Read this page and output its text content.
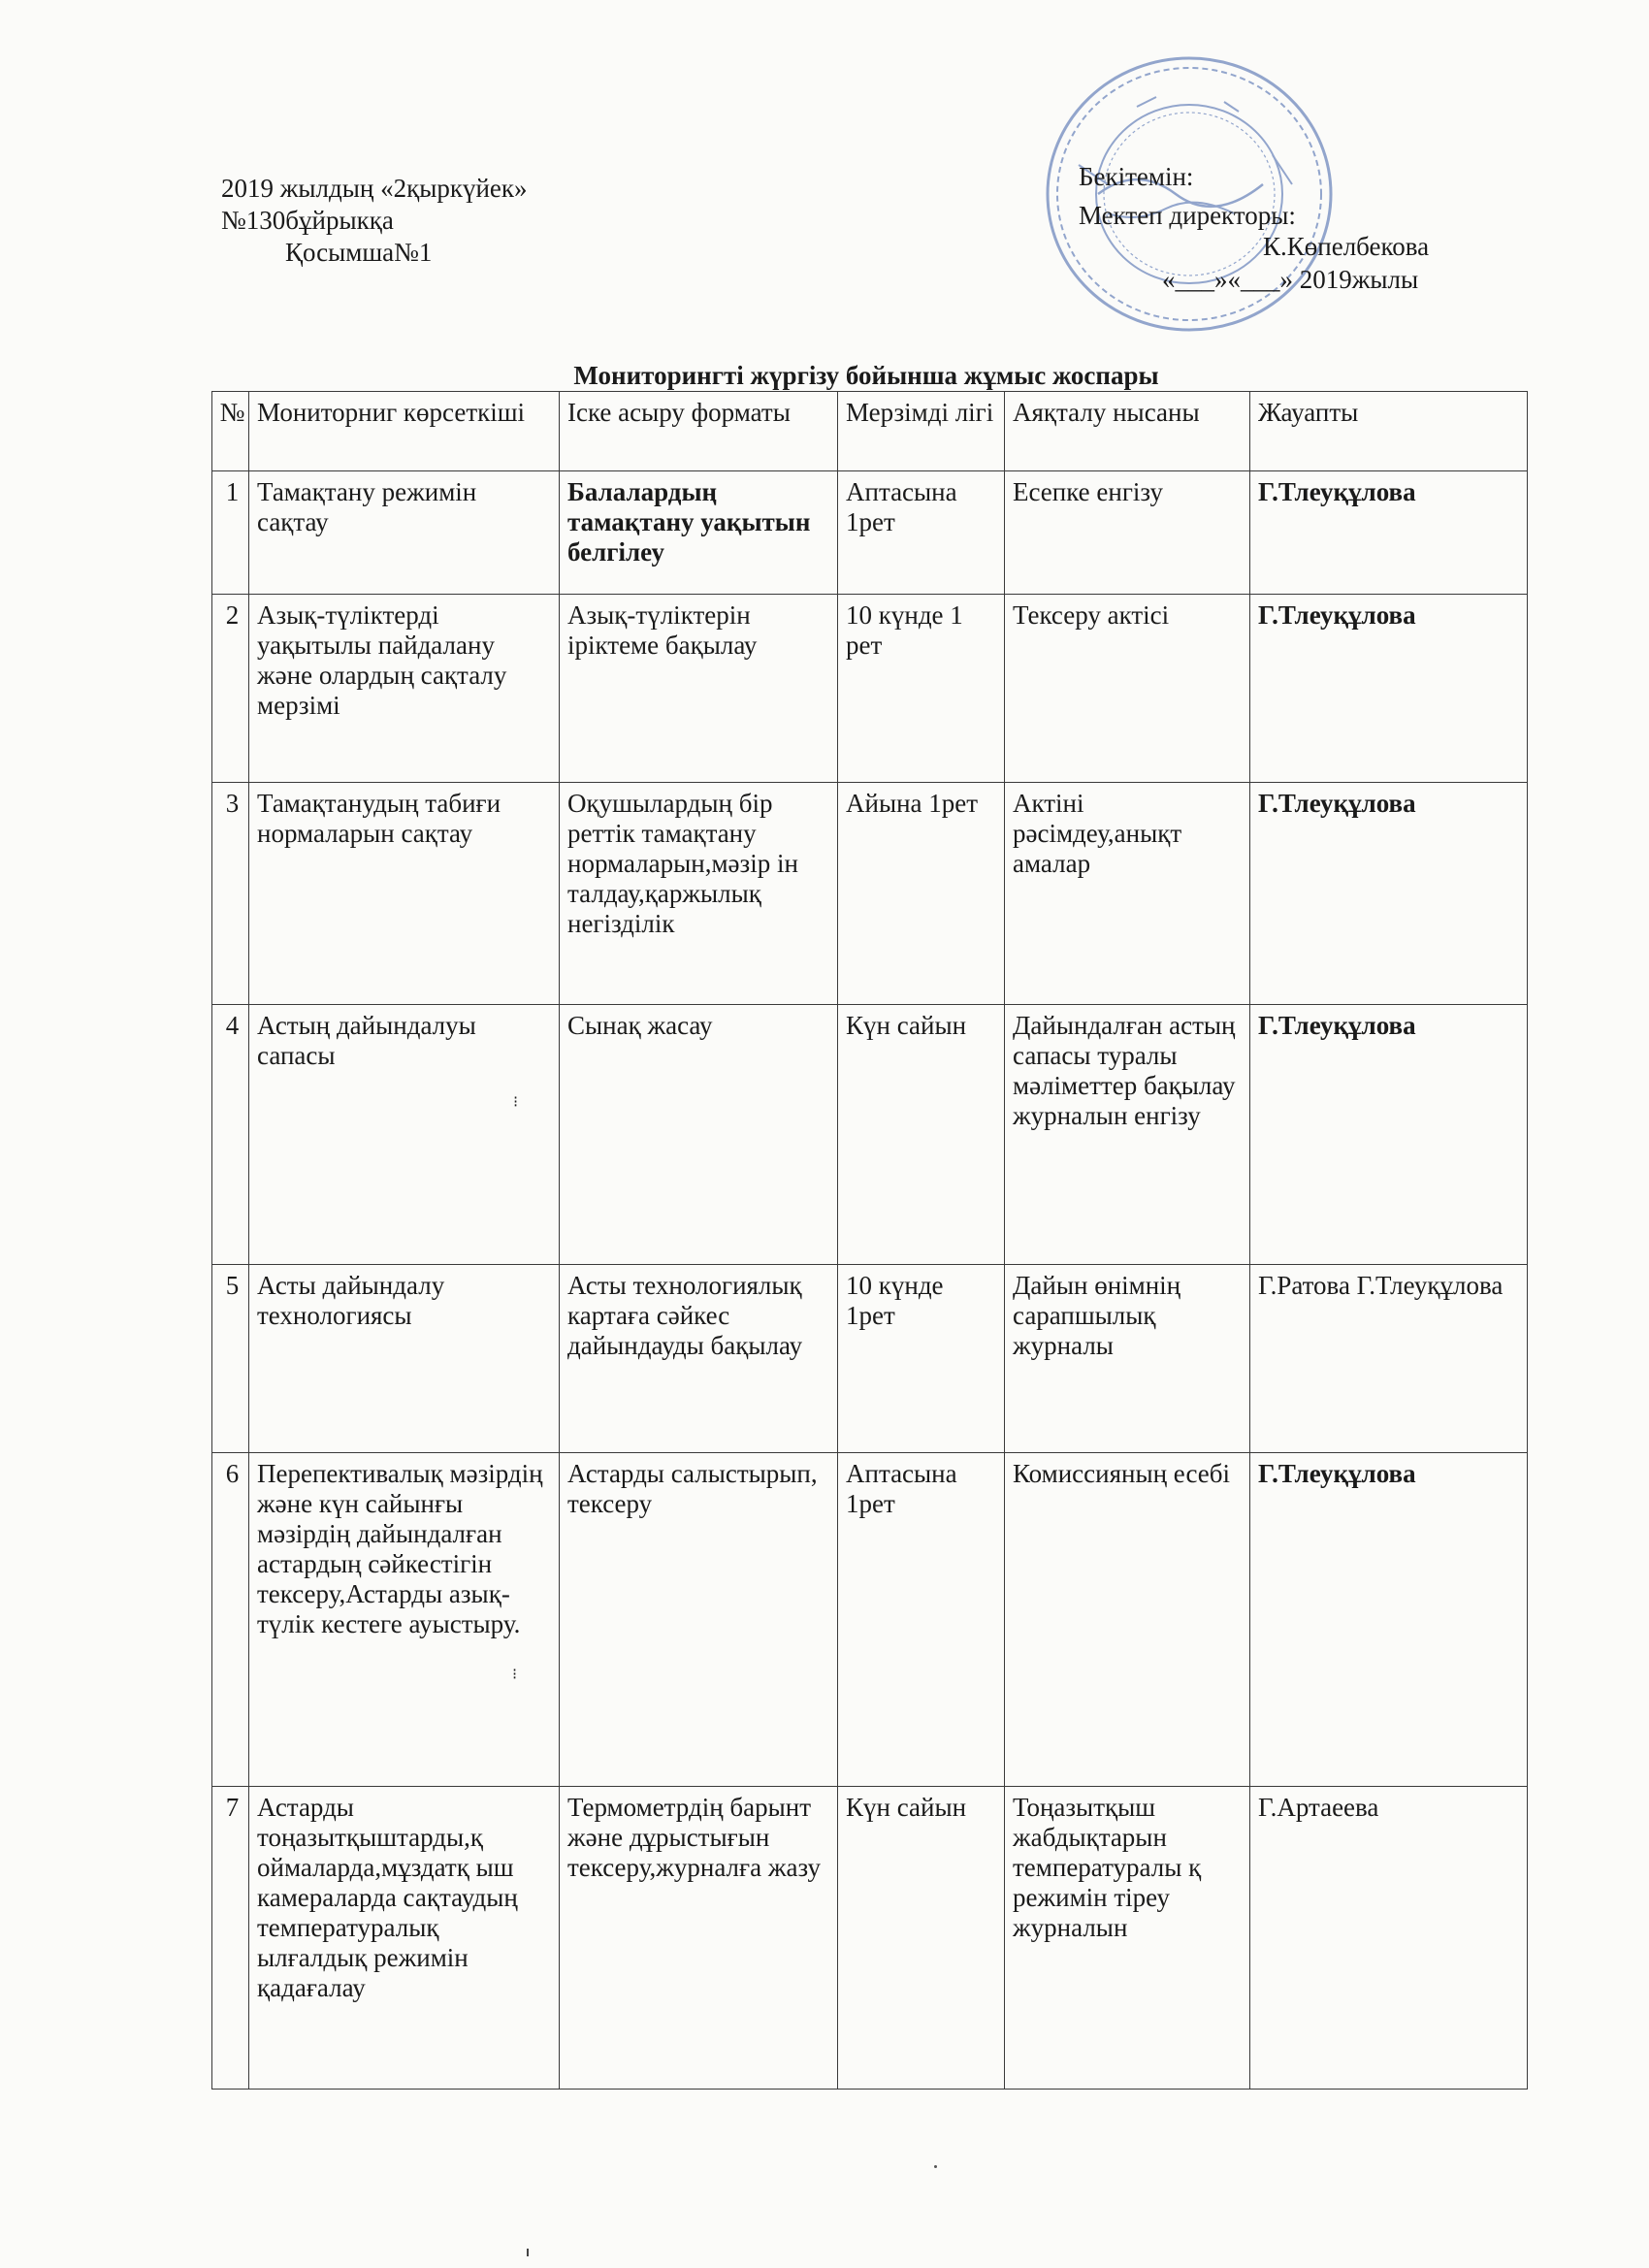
2019 жылдың «2қыркүйек»
№130бұйрыкқа
Қосымша№1
Бекітемін:
Мектеп директоры:
К.Көпелбекова
«___»«___» 2019жылы
Мониторингті жүргізу бойынша жұмыс жоспары
№	Мониторниг көрсеткіші	Іске асыру форматы	Мерзімді лігі	Аяқталу нысаны	Жауапты
1	Тамақтану режимін сақтау	Балалардың тамақтану уақытын белгілеу	Аптасына 1рет	Есепке енгізу	Г.Тлеуқұлова
2	Азық-түліктерді уақытылы пайдалану және олардың сақталу мерзімі	Азық-түліктерін іріктеме бақылау	10 күнде 1 рет	Тексеру актісі	Г.Тлеуқұлова
3	Тамақтанудың табиғи нормаларын сақтау	Оқушылардың бір реттік тамақтану нормаларын,мәзір ін талдау,қаржылық негізділік	Айына 1рет	Актіні рәсімдеу,анықт амалар	Г.Тлеуқұлова
4	Астың дайындалуы сапасы	Сынақ жасау	Күн сайын	Дайындалған астың сапасы туралы мәліметтер бақылау журналын енгізу	Г.Тлеуқұлова
5	Асты дайындалу технологиясы	Асты технологиялық картаға сәйкес дайындауды бақылау	10 күнде 1рет	Дайын өнімнің сарапшылық журналы	Г.Ратова Г.Тлеуқұлова
6	Перепективалық мәзірдің және күн сайынғы мәзірдің дайындалған астардың сәйкестігін тексеру,Астарды азық-түлік кестеге ауыстыру.	Астарды салыстырып, тексеру	Аптасына 1рет	Комиссияның есебі	Г.Тлеуқұлова
7	Астарды тоңазытқыштарды,қ оймаларда,мұздатқ ыш камераларда сақтаудың температуралық ылғалдық режимін қадағалау	Термометрдің барынт және дұрыстығын тексеру,журналға жазу	Күн сайын	Тоңазытқыш жабдықтарын температуралы қ режимін тіреу журналын	Г.Артаеева
⁝
⁝
